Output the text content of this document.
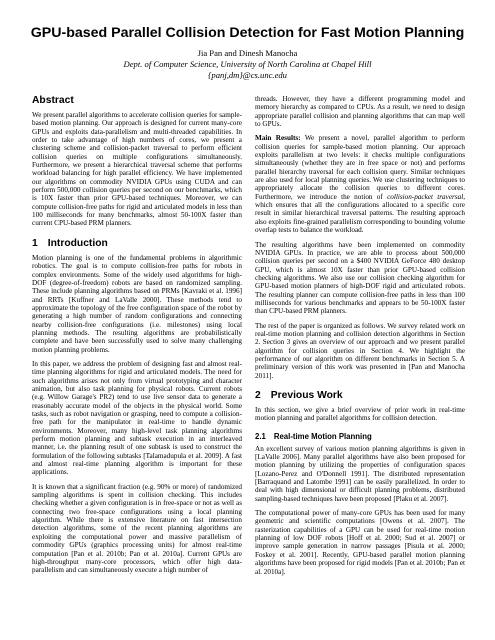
GPU-based Parallel Collision Detection for Fast Motion Planning
Jia Pan and Dinesh Manocha
Dept. of Computer Science, University of North Carolina at Chapel Hill
{panj,dm}@cs.unc.edu
Abstract

We present parallel algorithms to accelerate collision queries for sample-based motion planning. Our approach is designed for current many-core GPUs and exploits data-parallelism and multi-threaded capabilities. In order to take advantage of high numbers of cores, we present a clustering scheme and collision-packet traversal to perform efficient collision queries on multiple configurations simultaneously. Furthermore, we present a hierarchical traversal scheme that performs workload balancing for high parallel efficiency. We have implemented our algorithms on commodity NVIDIA GPUs using CUDA and can perform 500,000 collision queries per second on our benchmarks, which is 10X faster than prior GPU-based techniques. Moreover, we can compute collision-free paths for rigid and articulated models in less than 100 milliseconds for many benchmarks, almost 50-100X faster than current CPU-based PRM planners.

1 Introduction

Motion planning is one of the fundamental problems in algorithmic robotics. The goal is to compute collision-free paths for robots in complex environments. Some of the widely used algorithms for high-DOF (degree-of-freedom) robots are based on randomized sampling. These include planning algorithms based on PRMs [Kavraki et al. 1996] and RRTs [Kuffner and LaValle 2000]. These methods tend to approximate the topology of the free configuration space of the robot by generating a high number of random configurations and connecting nearby collision-free configurations (i.e. milestones) using local planning methods. The resulting algorithms are probabilistically complete and have been successfully used to solve many challenging motion planning problems.

In this paper, we address the problem of designing fast and almost real-time planning algorithms for rigid and articulated models. The need for such algorithms arises not only from virtual prototyping and character animation, but also task planning for physical robots. Current robots (e.g. Willow Garage's PR2) tend to use live sensor data to generate a reasonably accurate model of the objects in the physical world. Some tasks, such as robot navigation or grasping, need to compute a collision-free path for the manipulator in real-time to handle dynamic environments. Moreover, many high-level task planning algorithms perform motion planning and subtask execution in an interleaved manner, i.e. the planning result of one subtask is used to construct the formulation of the following subtasks [Talamadupula et al. 2009]. A fast and almost real-time planning algorithm is important for these applications.

It is known that a significant fraction (e.g. 90% or more) of randomized sampling algorithms is spent in collision checking. This includes checking whether a given configuration is in free-space or not as well as connecting two free-space configurations using a local planning algorithm. While there is extensive literature on fast intersection detection algorithms, some of the recent planning algorithms are exploiting the computational power and massive parallelism of commodity GPUs (graphics processing units) for almost real-time computation [Pan et al. 2010b; Pan et al. 2010a]. Current GPUs are high-throughput many-core processors, which offer high data-parallelism and can simultaneously execute a high number of

threads. However, they have a different programming model and memory hierarchy as compared to CPUs. As a result, we need to design appropriate parallel collision and planning algorithms that can map well to GPUs.

Main Results: We present a novel, parallel algorithm to perform collision queries for sample-based motion planning. Our approach exploits parallelism at two levels: it checks multiple configurations simultaneously (whether they are in free space or not) and performs parallel hierarchy traversal for each collision query. Similar techniques are also used for local planning queries. We use clustering techniques to appropriately allocate the collision queries to different cores. Furthermore, we introduce the notion of collision-packet traversal, which ensures that all the configurations allocated to a specific core result in similar hierarchical traversal patterns. The resulting approach also exploits fine-grained parallelism corresponding to bounding volume overlap tests to balance the workload.

The resulting algorithms have been implemented on commodity NVIDIA GPUs. In practice, we are able to process about 500,000 collision queries per second on a $400 NVIDIA GeForce 480 desktop GPU, which is almost 10X faster than prior GPU-based collision checking algorithms. We also use our collision checking algorithm for GPU-based motion planners of high-DOF rigid and articulated robots. The resulting planner can compute collision-free paths in less than 100 milliseconds for various benchmarks and appears to be 50-100X faster than CPU-based PRM planners.

The rest of the paper is organized as follows. We survey related work on real-time motion planning and collision detection algorithms in Section 2. Section 3 gives an overview of our approach and we present parallel algorithm for collision queries in Section 4. We highlight the performance of our algorithm on different benchmarks in Section 5. A preliminary version of this work was presented in [Pan and Manocha 2011].

2 Previous Work

In this section, we give a brief overview of prior work in real-time motion planning and parallel algorithms for collision detection.

2.1 Real-time Motion Planning

An excellent survey of various motion planning algorithms is given in [LaValle 2006]. Many parallel algorithms have also been proposed for motion planning by utilizing the properties of configuration spaces [Lozano-Perez and O'Donnell 1991]. The distributed representation [Barraquand and Latombe 1991] can be easily parallelized. In order to deal with high dimensional or difficult planning problems, distributed sampling-based techniques have been proposed [Plaku et al. 2007].

The computational power of many-core GPUs has been used for many geometric and scientific computations [Owens et al. 2007]. The rasterization capabilities of a GPU can be used for real-time motion planning of low DOF robots [Hoff et al. 2000; Sud et al. 2007] or improve sample generation in narrow passages [Pisula et al. 2000; Foskey et al. 2001]. Recently, GPU-based parallel motion planning algorithms have been proposed for rigid models [Pan et al. 2010b; Pan et al. 2010a].
